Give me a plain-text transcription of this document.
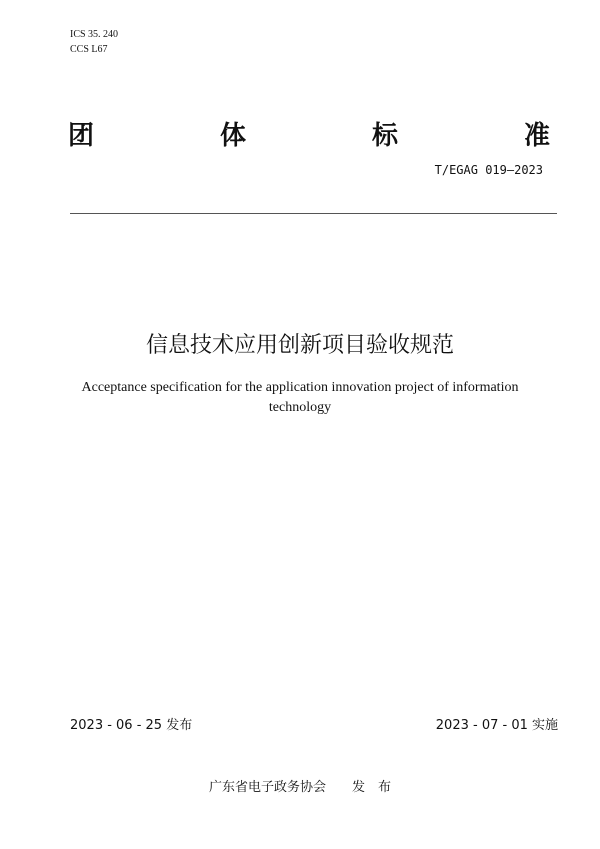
ICS 35. 240
CCS L67
团	体	标	准
T/EGAG 019—2023
信息技术应用创新项目验收规范
Acceptance specification for the application innovation project of information technology
2023 - 06 - 25 发布	2023 - 07 - 01 实施
广东省电子政务协会　　发　布
